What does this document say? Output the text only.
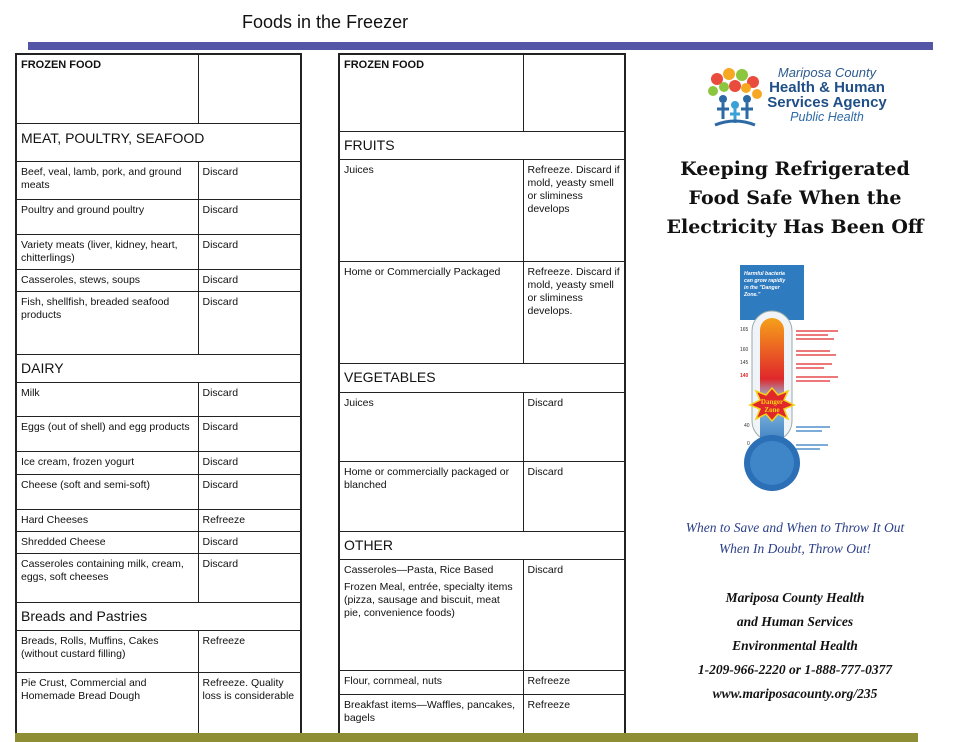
Foods in the Freezer
FROZEN FOOD	
MEAT, POULTRY, SEAFOOD	
Beef, veal, lamb, pork, and ground meats	Discard
Poultry and ground poultry	Discard
Variety meats (liver, kidney, heart, chitterlings)	Discard
Casseroles, stews, soups	Discard
Fish, shellfish, breaded seafood products	Discard
DAIRY	
Milk	Discard
Eggs (out of shell) and egg products	Discard
Ice cream, frozen yogurt	Discard
Cheese (soft and semi-soft)	Discard
Hard Cheeses	Refreeze
Shredded Cheese	Discard
Casseroles containing milk, cream, eggs, soft cheeses	Discard
Breads and Pastries	
Breads, Rolls, Muffins, Cakes (without custard filling)	Refreeze
Pie Crust, Commercial and Homemade Bread Dough	Refreeze. Quality loss is considerable
FROZEN FOOD	
FRUITS	
Juices	Refreeze. Discard if mold, yeasty smell or sliminess develops
Home or Commercially Packaged	Refreeze. Discard if mold, yeasty smell or sliminess develops.
VEGETABLES	
Juices	Discard
Home or commercially packaged or blanched	Discard
OTHER	

Casseroles—Pasta, Rice Based
Frozen Meal, entrée, specialty items (pizza, sausage and biscuit, meat pie, convenience foods)	Discard
Flour, cornmeal, nuts	Refreeze
Breakfast items—Waffles, pancakes, bagels	Refreeze
Mariposa County
Health & Human
Services Agency
Public Health
Keeping Refrigerated
Food Safe When the
Electricity Has Been Off
Harmful bacteria can grow rapidly in the "Danger Zone."
165
160
145
140
40
0
Danger
Zone
When to Save and When to Throw It Out
When In Doubt, Throw Out!
Mariposa County Health
and Human Services
Environmental Health
1-209-966-2220 or 1-888-777-0377
www.mariposacounty.org/235
